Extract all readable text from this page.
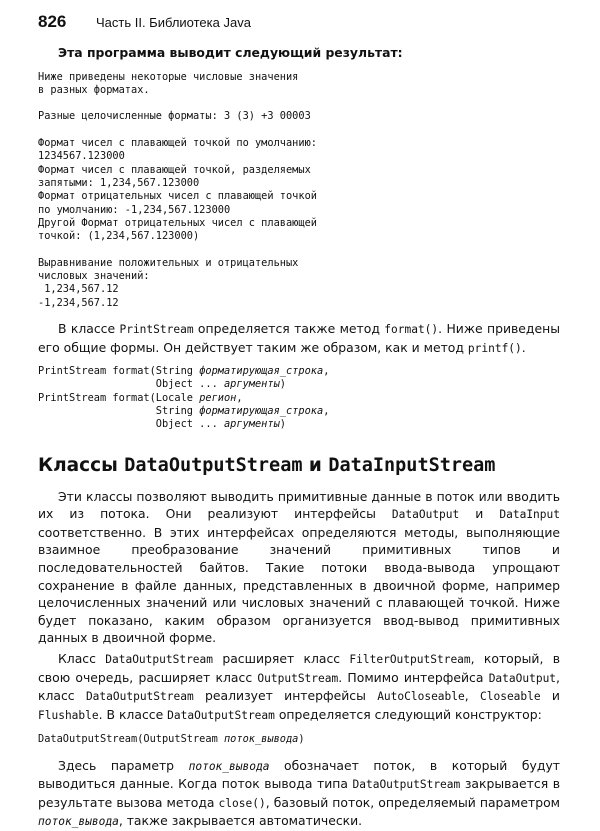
826 Часть II. Библиотека Java

Эта программа выводит следующий результат:

Ниже приведены некоторые числовые значения
в разных форматах.

Разные целочисленные форматы: 3 (3) +3 00003

Формат чисел с плавающей точкой по умолчанию:
1234567.123000
Формат чисел с плавающей точкой, разделяемых
запятыми: 1,234,567.123000
Формат отрицательных чисел с плавающей точкой
по умолчанию: -1,234,567.123000
Другой Формат отрицательных чисел с плавающей
точкой: (1,234,567.123000)

Выравнивание положительных и отрицательных
числовых значений:
1,234,567.12
-1,234,567.12

В классе PrintStream определяется также метод format(). Ниже приведены его общие формы. Он действует таким же образом, как и метод printf().

PrintStream format(String форматирующая_строка,
Object ... аргументы)
PrintStream format(Locale регион,
String форматирующая_строка,
Object ... аргументы)
Классы DataOutputStream и DataInputStream

Эти классы позволяют выводить примитивные данные в поток или вводить их из потока. Они реализуют интерфейсы DataOutput и DataInput соответственно. В этих интерфейсах определяются методы, выполняющие взаимное преобразование значений примитивных типов и последовательностей байтов. Такие потоки ввода-вывода упрощают сохранение в файле данных, представленных в двоичной форме, например целочисленных значений или числовых значений с плавающей точкой. Ниже будет показано, каким образом организуется ввод-вывод примитивных данных в двоичной форме.

Класс DataOutputStream расширяет класс FilterOutputStream, который, в свою очередь, расширяет класс OutputStream. Помимо интерфейса DataOutput, класс DataOutputStream реализует интерфейсы AutoCloseable, Closeable и Flushable. В классе DataOutputStream определяется следующий конструктор:

DataOutputStream(OutputStream поток_вывода)

Здесь параметр поток_вывода обозначает поток, в который будут выводиться данные. Когда поток вывода типа DataOutputStream закрывается в результате вызова метода close(), базовый поток, определяемый параметром поток_вывода, также закрывается автоматически.
